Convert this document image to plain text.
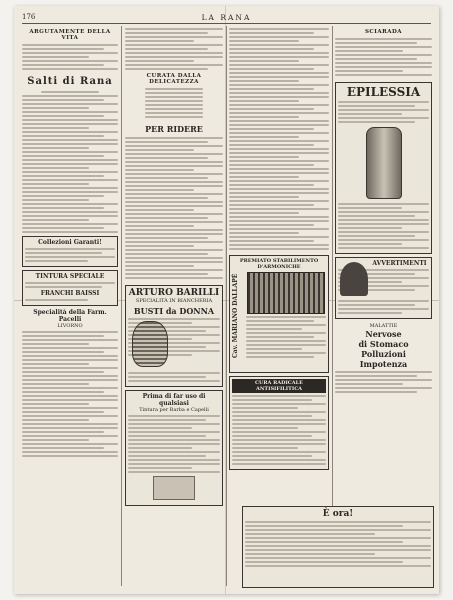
176	LA RANA
ARGUTAMENTE DELLA VITA
Salti di Rana
Collezioni Garanti!
TINTURA SPECIALE
FRANCHI BAISSI
Specialità della Farm. Pacelli
LIVORNO
CURATA DALLA DELICATEZZA
PER RIDERE
ARTURO BARILLI
SPECIALITÀ IN BIANCHERIA
BUSTI da DONNA
Prima di far uso di qualsiasi
Tintura per Barba e Capelli
PREMIATO STABILIMENTO D'ARMONICHE
Cav. MARIANO DALLAPÉ
CURA RADICALE ANTISIFILITICA
SCIARADA
EPILESSIA
AVVERTIMENTI
MALATTIE
Nervose
di Stomaco
Polluzioni
Impotenza
È ora!
